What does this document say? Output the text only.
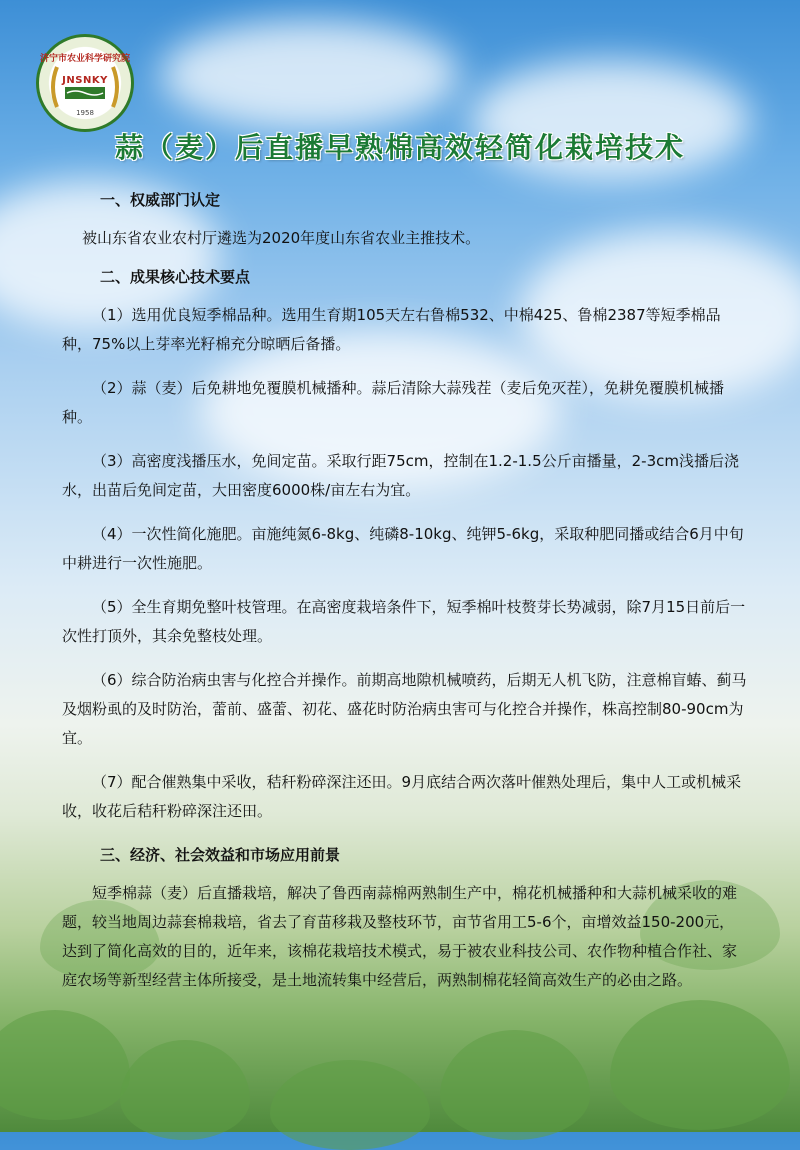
济宁市农业科学研究院
JNSNKY
1958
蒜（麦）后直播早熟棉高效轻简化栽培技术
一、权威部门认定

被山东省农业农村厅遴选为2020年度山东省农业主推技术。

二、成果核心技术要点

（1）选用优良短季棉品种。选用生育期105天左右鲁棉532、中棉425、鲁棉2387等短季棉品种，75%以上芽率光籽棉充分晾晒后备播。

（2）蒜（麦）后免耕地免覆膜机械播种。蒜后清除大蒜残茬（麦后免灭茬），免耕免覆膜机械播种。

（3）高密度浅播压水，免间定苗。采取行距75cm，控制在1.2-1.5公斤亩播量，2-3cm浅播后浇水，出苗后免间定苗，大田密度6000株/亩左右为宜。

（4）一次性简化施肥。亩施纯氮6-8kg、纯磷8-10kg、纯钾5-6kg，采取种肥同播或结合6月中旬中耕进行一次性施肥。

（5）全生育期免整叶枝管理。在高密度栽培条件下，短季棉叶枝赘芽长势减弱，除7月15日前后一次性打顶外，其余免整枝处理。

（6）综合防治病虫害与化控合并操作。前期高地隙机械喷药，后期无人机飞防，注意棉盲蝽、蓟马及烟粉虱的及时防治，蕾前、盛蕾、初花、盛花时防治病虫害可与化控合并操作，株高控制80-90cm为宜。

（7）配合催熟集中采收，秸秆粉碎深注还田。9月底结合两次落叶催熟处理后，集中人工或机械采收，收花后秸秆粉碎深注还田。

三、经济、社会效益和市场应用前景

短季棉蒜（麦）后直播栽培，解决了鲁西南蒜棉两熟制生产中，棉花机械播种和大蒜机械采收的难题，较当地周边蒜套棉栽培，省去了育苗移栽及整枝环节，亩节省用工5-6个，亩增效益150-200元，达到了简化高效的目的，近年来，该棉花栽培技术模式，易于被农业科技公司、农作物种植合作社、家庭农场等新型经营主体所接受，是土地流转集中经营后，两熟制棉花轻简高效生产的必由之路。
